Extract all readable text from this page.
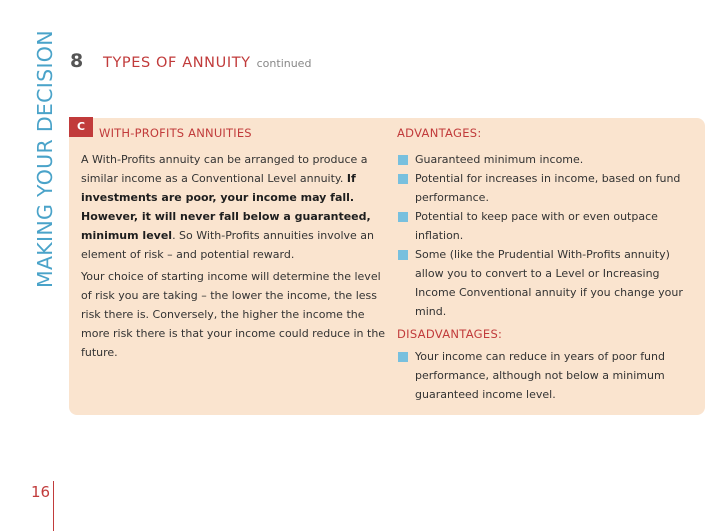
MAKING YOUR DECISION 8 TYPES OF ANNUITY continued
C	WITH-PROFITS ANNUITIES
A With-Profits annuity can be arranged to produce a similar income as a Conventional Level annuity. If investments are poor, your income may fall. However, it will never fall below a guaranteed, minimum level. So With-Profits annuities involve an element of risk – and potential reward.
Your choice of starting income will determine the level of risk you are taking – the lower the income, the less risk there is. Conversely, the higher the income the more risk there is that your income could reduce in the future.
ADVANTAGES:
Guaranteed minimum income.
Potential for increases in income, based on fund performance.
Potential to keep pace with or even outpace inflation.
Some (like the Prudential With-Profits annuity) allow you to convert to a Level or Increasing Income Conventional annuity if you change your mind.
DISADVANTAGES:
Your income can reduce in years of poor fund performance, although not below a minimum guaranteed income level.
16
